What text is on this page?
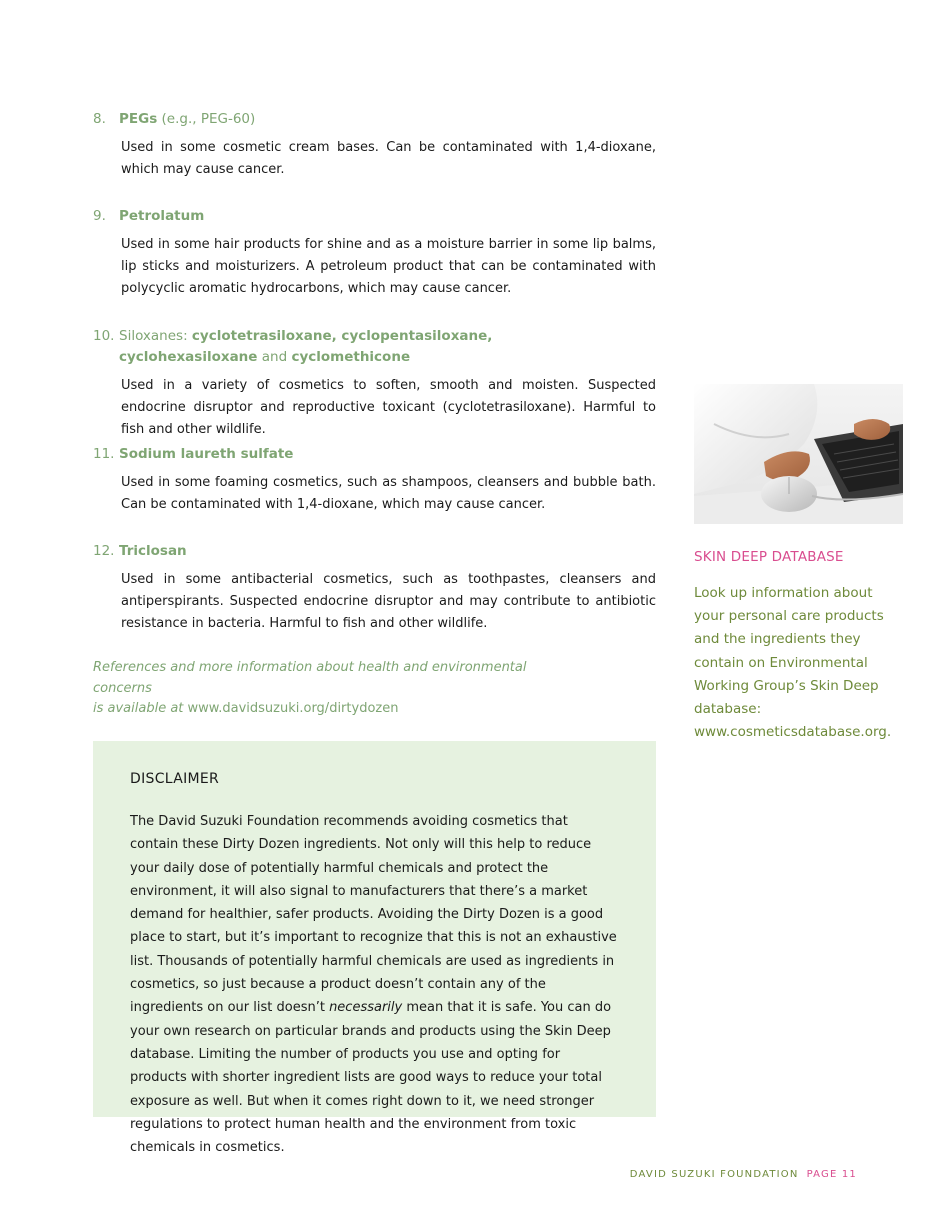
8. PEGs (e.g., PEG-60)
Used in some cosmetic cream bases. Can be contaminated with 1,4-dioxane, which may cause cancer.
9. Petrolatum
Used in some hair products for shine and as a moisture barrier in some lip balms, lip sticks and moisturizers. A petroleum product that can be contaminated with polycyclic aromatic hydrocarbons, which may cause cancer.
10. Siloxanes: cyclotetrasiloxane, cyclopentasiloxane,
cyclohexasiloxane and cyclomethicone
Used in a variety of cosmetics to soften, smooth and moisten. Suspected endocrine disruptor and reproductive toxicant (cyclotetrasiloxane). Harmful to fish and other wildlife.
11. Sodium laureth sulfate
Used in some foaming cosmetics, such as shampoos, cleansers and bubble bath. Can be contaminated with 1,4-dioxane, which may cause cancer.
12. Triclosan
Used in some antibacterial cosmetics, such as toothpastes, cleansers and antiperspirants. Suspected endocrine disruptor and may contribute to antibiotic resistance in bacteria. Harmful to fish and other wildlife.
References and more information about health and environmental concerns
is available at www.davidsuzuki.org/dirtydozen
DISCLAIMER
The David Suzuki Foundation recommends avoiding cosmetics that contain these Dirty Dozen ingredients. Not only will this help to reduce your daily dose of potentially harmful chemicals and protect the environment, it will also signal to manufacturers that there’s a market demand for healthier, safer products. Avoiding the Dirty Dozen is a good place to start, but it’s important to recognize that this is not an exhaustive list. Thousands of potentially harmful chemicals are used as ingredients in cosmetics, so just because a product doesn’t contain any of the ingredients on our list doesn’t necessarily mean that it is safe. You can do your own research on particular brands and products using the Skin Deep database. Limiting the number of products you use and opting for products with shorter ingredient lists are good ways to reduce your total exposure as well. But when it comes right down to it, we need stronger regulations to protect human health and the environment from toxic chemicals in cosmetics.
SKIN DEEP DATABASE
Look up information about your personal care products and the ingredients they contain on Environmental Working Group’s Skin Deep database: www.cosmeticsdatabase.org.
DAVID SUZUKI FOUNDATION PAGE 11
